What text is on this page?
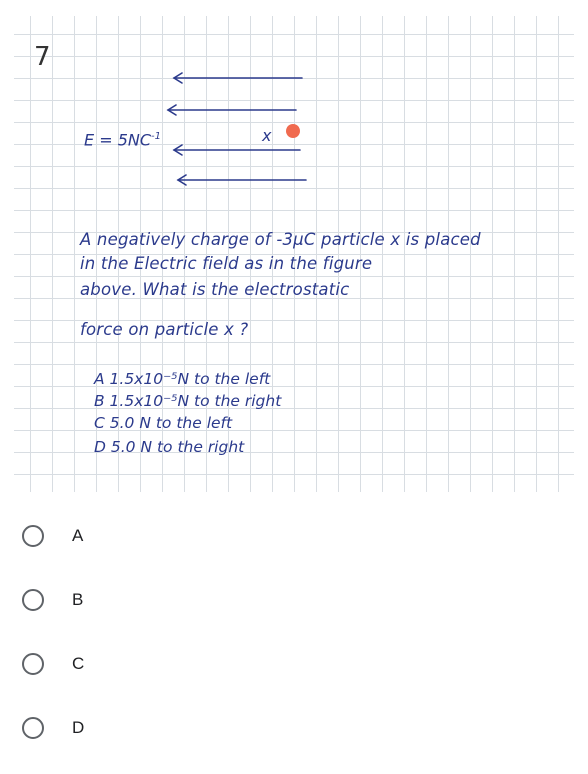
7
$E = 5NC^{-1}$	x
A negatively charge of -3μC particle x is placed
in the Electric field as in the figure
above. What is the electrostatic
force on particle x ?
A 1.5x10⁻⁵N to the left
B 1.5x10⁻⁵N to the right
C 5.0 N to the left
D 5.0 N to the right
A
B
C
D
